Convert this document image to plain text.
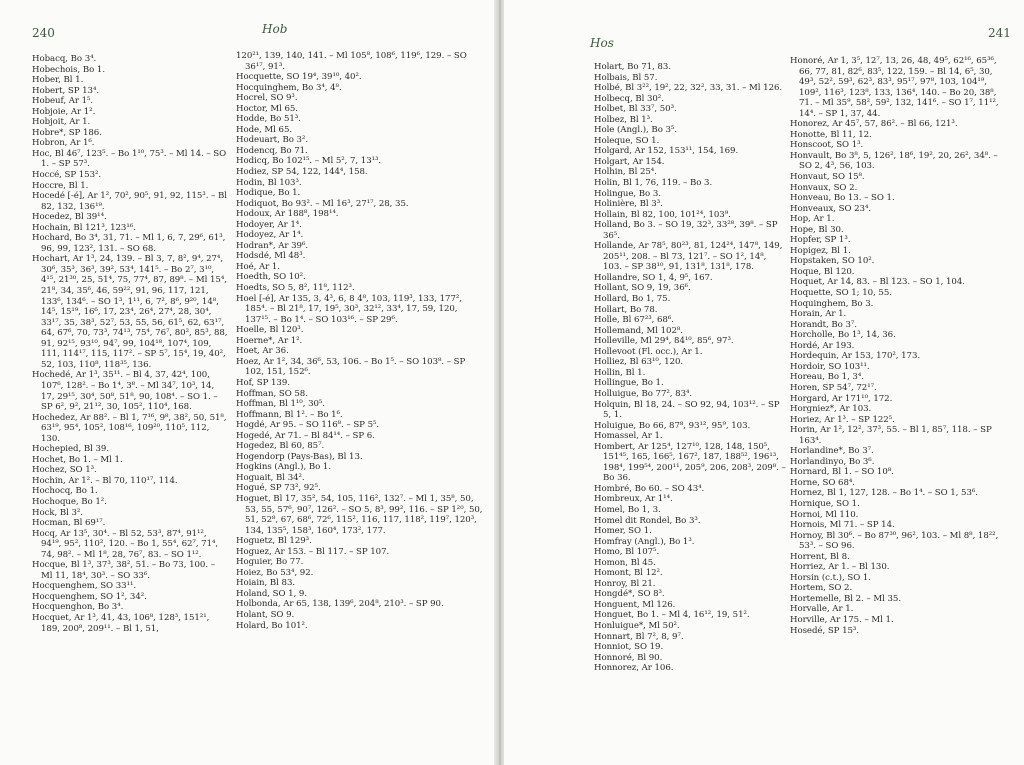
240	Hob
Hobacq, Bo 3⁴.
Hobechois, Bo 1.
Hober, Bl 1.
Hobert, SP 13⁴.
Hobeuf, Ar 1⁵.
Hobjoie, Ar 1².
Hobjoit, Ar 1.
Hobre*, SP 186.
Hobron, Ar 1⁶.
Hoc, Bl 46⁷, 123⁵. – Bo 1¹⁰, 75³. – Ml 14. – SO 1. – SP 57³.
Hoccé, SP 153².
Hoccre, Bl 1.
Hocedé [-é], Ar 1², 70², 90⁵, 91, 92, 115³. – Bl 82, 132, 136¹⁹.
Hocedez, Bl 39¹⁴.
Hochain, Bl 121³, 123¹⁶.
Hochard, Bo 3⁴, 31, 71. – Ml 1, 6, 7, 29⁶, 61³, 96, 99, 123², 131. – SO 68.
Hochart, Ar 1³, 24, 139. – Bl 3, 7, 8², 9⁴, 27⁴, 30⁶, 35³, 36³, 39², 53⁴, 141⁵. – Bo 2⁷, 3¹⁰, 4¹⁵, 21³⁰, 25, 51⁴, 75, 77⁴, 87, 89⁸. – Ml 15⁴, 21⁸, 34, 35⁶, 46, 59²², 91, 96, 117, 121, 133⁶, 134⁶. – SO 1³, 1¹¹, 6, 7², 8⁶, 9²⁰, 14⁸, 14⁵, 15¹⁹, 16⁶, 17, 23⁴, 26⁴, 27⁴, 28, 30⁴, 33¹⁷, 35, 38³, 52⁷, 53, 55, 56, 61⁵, 62, 63¹⁷, 64, 67⁶, 70, 73³, 74¹³, 75⁴, 76⁷, 80², 85³, 88, 91, 92¹⁵, 93¹⁰, 94⁷, 99, 104¹⁸, 107⁴, 109, 111, 114¹⁷, 115, 117². – SP 5⁷, 15⁴, 19, 40², 52, 103, 110⁸, 118³⁵, 136.
Hochedé, Ar 1³, 35¹¹. – Bl 4, 37, 42⁴, 100, 107⁶, 128². – Bo 1⁴, 3⁸. – Ml 34⁷, 10³, 14, 17, 29¹⁵, 30⁴, 50⁸, 51⁸, 90, 108⁴. – SO 1. – SP 6², 9², 21¹², 30, 105², 110⁴, 168.
Hochedez, Ar 88². – Bl 1, 7¹⁶, 9⁸, 38², 50, 51⁸, 63¹⁹, 95⁴, 105², 108¹⁶, 109²⁰, 110⁵, 112, 130.
Hochepied, Bl 39.
Hochet, Bo 1. – Ml 1.
Hochez, SO 1³.
Hochin, Ar 1². – Bl 70, 110¹⁷, 114.
Hochocq, Bo 1.
Hochoque, Bo 1².
Hock, Bl 3².
Hocman, Bl 69¹⁷.
Hocq, Ar 13⁵, 30⁴. – Bl 52, 53³, 87⁴, 91¹², 94¹⁹, 95², 110², 120. – Bo 1, 55⁴, 62⁷, 71⁴, 74, 98². – Ml 1⁸, 28, 76⁷, 83. – SO 1¹².
Hocque, Bl 1³, 37³, 38², 51. – Bo 73, 100. – Ml 11, 18⁴, 30³. – SO 33⁶.
Hocquenghem, SO 33¹¹.
Hocquenghem, SO 1², 34².
Hocquenghon, Bo 3⁴.
Hocquet, Ar 1³, 41, 43, 106⁸, 128³, 151²¹, 189, 200⁸, 209¹¹. – Bl 1, 51,
120²¹, 139, 140, 141. – Ml 105⁸, 108⁶, 119⁶, 129. – SO 36¹⁷, 91³.
Hocquette, SO 19⁴, 39¹⁰, 40².
Hocquinghem, Bo 3⁴, 4⁸.
Hocrel, SO 9³.
Hoctor, Ml 65.
Hodde, Bo 51³.
Hode, Ml 65.
Hodeuart, Bo 3².
Hodencq, Bo 71.
Hodicq, Bo 102¹⁵. – Ml 5², 7, 13¹³.
Hodiez, SP 54, 122, 144⁴, 158.
Hodin, Bl 103³.
Hodique, Bo 1.
Hodiquot, Bo 93². – Ml 16³, 27¹⁷, 28, 35.
Hodoux, Ar 188⁸, 198¹⁴.
Hodoyer, Ar 1⁴.
Hodoyez, Ar 1⁴.
Hodran*, Ar 39⁶.
Hodsdé, Ml 48³.
Hoé, Ar 1.
Hoedth, SO 10².
Hoedts, SO 5, 8², 11⁸, 112³.
Hoel [-é], Ar 135, 3, 4³, 6, 8 4⁸, 103, 119³, 133, 177², 185⁴. – Bl 21⁸, 17, 19⁵, 30³, 32¹², 33⁴, 17, 59, 120, 137¹⁵. – Bo 1⁴. – SO 103¹⁶. – SP 29⁶.
Hoelle, Bl 120³.
Hoerne*, Ar 1².
Hoet, Ar 36.
Hoez, Ar 1², 34, 36⁶, 53, 106. – Bo 1⁵. – SO 103⁸. – SP 102, 151, 152⁶.
Hof, SP 139.
Hoffman, SO 58.
Hoffman, Bl 1¹⁰, 30⁵.
Hoffmann, Bl 1². – Bo 1⁶.
Hogdé, Ar 95. – SO 116⁸. – SP 5⁵.
Hogedé, Ar 71. – Bl 84¹⁴. – SP 6.
Hogedez, Bl 60, 85⁷.
Hogendorp (Pays-Bas), Bl 13.
Hogkins (Angl.), Bo 1.
Hoguait, Bl 34².
Hogué, SP 73², 92⁵.
Hoguet, Bl 17, 35², 54, 105, 116², 132⁷. – Ml 1, 35⁸, 50, 53, 55, 57⁶, 90⁷, 126². – SO 5, 8³, 99², 116. – SP 1²⁰, 50, 51, 52⁸, 67, 68⁶, 72⁶, 115², 116, 117, 118², 119⁷, 120³, 134, 135⁵, 158³, 160⁴, 173², 177.
Hoguetz, Bl 129³.
Hoguez, Ar 153. – Bl 117. – SP 107.
Hoguier, Bo 77.
Hoiez, Bo 53⁴, 92.
Hoiain, Bl 83.
Holand, SO 1, 9.
Holbonda, Ar 65, 138, 139⁶, 204⁸, 210³. – SP 90.
Holant, SO 9.
Holard, Bo 101².
Hos
241
Holart, Bo 71, 83.
Holbais, Bl 57.
Holbé, Bl 3²², 19², 22, 32², 33, 31. – Ml 126.
Holbecq, Bl 30².
Holbet, Bl 33⁷, 50³.
Holbez, Bl 1³.
Hole (Angl.), Bo 3⁵.
Holeque, SO 1.
Holgard, Ar 152, 153¹¹, 154, 169.
Holgart, Ar 154.
Holhin, Bl 25⁴.
Holin, Bl 1, 76, 119. – Bo 3.
Holingue, Bo 3.
Holinière, Bl 3³.
Hollain, Bl 82, 100, 101²⁴, 103⁹.
Holland, Bo 3. – SO 19, 32³, 33²⁸, 39⁸. – SP 36⁵.
Hollande, Ar 78⁵, 80²³, 81, 124²⁴, 147⁸, 149, 205¹¹, 208. – Bl 73, 121⁷. – SO 1², 14⁸, 103. – SP 38¹⁰, 91, 131⁸, 131⁸, 178.
Hollandre, SO 1, 4, 9⁵, 167.
Hollant, SO 9, 19, 36⁶.
Hollard, Bo 1, 75.
Hollart, Bo 78.
Holle, Bl 67²³, 68⁶.
Hollemand, Ml 102⁸.
Holleville, Ml 29⁴, 84¹⁰, 85⁶, 97³.
Hollevoot (Fl. occ.), Ar 1.
Holliez, Bl 63¹⁰, 120.
Hollin, Bl 1.
Hollingue, Bo 1.
Holluigue, Bo 77², 83⁴.
Holquin, Bl 18, 24. – SO 92, 94, 103¹². – SP 5, 1.
Holuigue, Bo 66, 87⁸, 93¹², 95⁹, 103.
Homassel, Ar 1.
Hombert, Ar 125⁴, 127¹⁰, 128, 148, 150⁵, 151⁴⁵, 165, 166⁵, 167², 187, 188⁵², 196¹³, 198⁴, 199⁵⁴, 200¹¹, 205⁹, 206, 208³, 209⁸. – Bo 36.
Hombré, Bo 60. – SO 43⁴.
Hombreux, Ar 1¹⁴.
Homel, Bo 1, 3.
Homel dit Rondel, Bo 3³.
Homer, SO 1.
Homfray (Angl.), Bo 1³.
Homo, Bl 107⁵.
Homon, Bl 45.
Homont, Bl 12².
Honroy, Bl 21.
Hongdé*, SO 8³.
Honguent, Ml 126.
Honguet, Bo 1. – Ml 4, 16¹², 19, 51².
Honluigue*, Ml 50².
Honnart, Bl 7², 8, 9⁷.
Honniot, SO 19.
Honnoré, Bl 90.
Honnorez, Ar 106.
Honoré, Ar 1, 3⁵, 12⁷, 13, 26, 48, 49⁵, 62¹⁶, 65³⁶, 66, 77, 81, 82⁶, 83⁵, 122, 159. – Bl 14, 6⁵, 30, 49³, 52², 59³, 62³, 83³, 95¹⁷, 97⁸, 103, 104¹⁹, 109², 116³, 123⁸, 133, 136⁴, 140. – Bo 20, 38⁸, 71. – Ml 35⁹, 58², 59², 132, 141⁶. – SO 1⁷, 11¹², 14⁴. – SP 1, 37, 44.
Honorez, Ar 45⁷, 57, 86². – Bl 66, 121³.
Honotte, Bl 11, 12.
Honscoot, SO 1³.
Honvault, Bo 3⁸, 5, 126², 18⁶, 19², 20, 26², 34⁸. – SO 2, 4³, 56, 103.
Honvaut, SO 15⁸.
Honvaux, SO 2.
Honveau, Bo 13. – SO 1.
Honveaux, SO 23⁴.
Hop, Ar 1.
Hope, Bl 30.
Hopfer, SP 1³.
Hopigez, Bl 1.
Hopstaken, SO 10².
Hoque, Bl 120.
Hoquet, Ar 14, 83. – Bl 123. – SO 1, 104.
Hoquette, SO 1; 10, 55.
Hoquinghem, Bo 3.
Horain, Ar 1.
Horandt, Bo 3⁷.
Horcholle, Bo 1³, 14, 36.
Hordé, Ar 193.
Hordequin, Ar 153, 170², 173.
Hordoir, SO 103¹¹.
Horeau, Bo 1, 3⁴.
Horen, SP 54⁷, 72¹⁷.
Horgard, Ar 171¹⁰, 172.
Horgniez*, Ar 103.
Horiez, Ar 1³. – SP 122⁵.
Horin, Ar 1², 12², 37³, 55. – Bl 1, 85⁷, 118. – SP 163⁴.
Horlandine*, Bo 3⁷.
Horlandinyo, Bo 3⁶.
Hornard, Bl 1. – SO 10⁸.
Horne, SO 68⁴.
Hornez, Bl 1, 127, 128. – Bo 1⁴. – SO 1, 53⁶.
Hornique, SO 1.
Hornoi, Ml 110.
Hornois, Ml 71. – SP 14.
Hornoy, Bl 30⁶. – Bo 87³⁰, 96², 103. – Ml 8⁸, 18²², 53³. – SO 96.
Horrent, Bl 8.
Horriez, Ar 1. – Bl 130.
Horsin (c.t.), SO 1.
Hortem, SO 2.
Hortemelle, Bl 2. – Ml 35.
Horvalle, Ar 1.
Horville, Ar 175. – Ml 1.
Hosedé, SP 15³.
